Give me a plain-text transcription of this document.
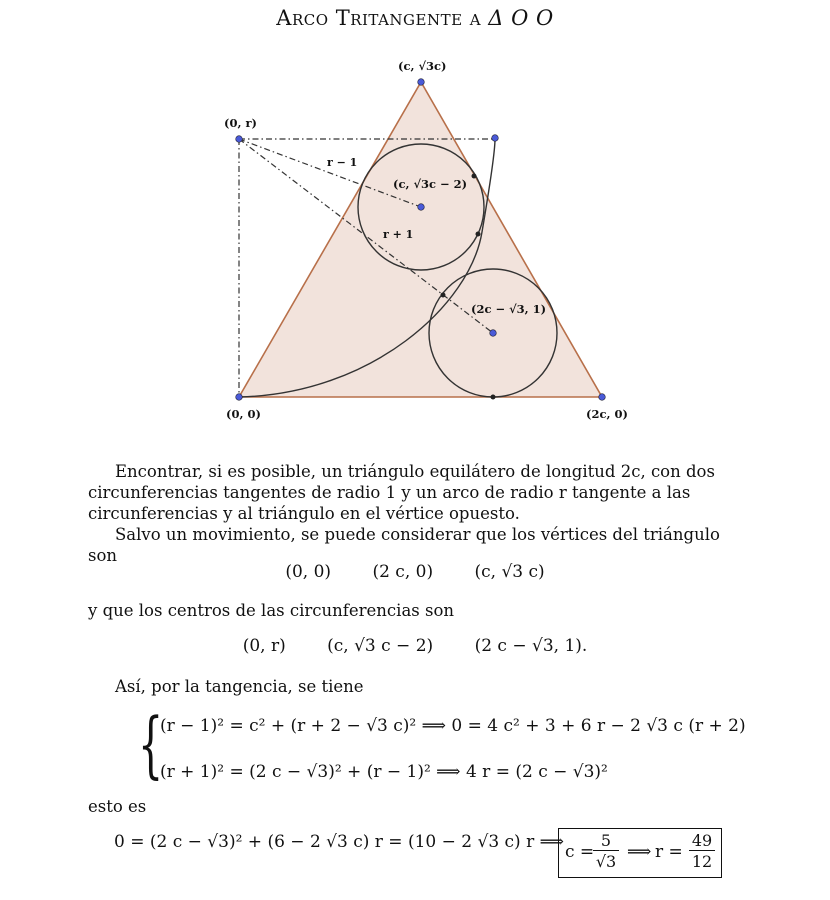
Arco Tritangente a Δ O O
(c, √3c)
(0, r)
(0, 0)	(2c, 0)
(c, √3c − 2)
(2c − √3, 1)
r − 1
r + 1
Encontrar, si es posible, un triángulo equilátero de longitud 2c, con dos circunferencias tangentes de radio 1 y un arco de radio r tangente a las circunferencias y al triángulo en el vértice opuesto.
Salvo un movimiento, se puede considerar que los vértices del triángulo son
(0, 0) (2 c, 0) (c, √3 c)
y que los centros de las circunferencias son
(0, r) (c, √3 c − 2) (2 c − √3, 1).
Así, por la tangencia, se tiene
{
(r − 1)² = c² + (r + 2 − √3 c)² ⟹ 0 = 4 c² + 3 + 6 r − 2 √3 c (r + 2)
(r + 1)² = (2 c − √3)² + (r − 1)² ⟹ 4 r = (2 c − √3)²
esto es
0 = (2 c − √3)² + (6 − 2 √3 c) r = (10 − 2 √3 c) r ⟹ c =
$\frac{5}{√3}$ ⟹ $r = \frac{49}{12}$
